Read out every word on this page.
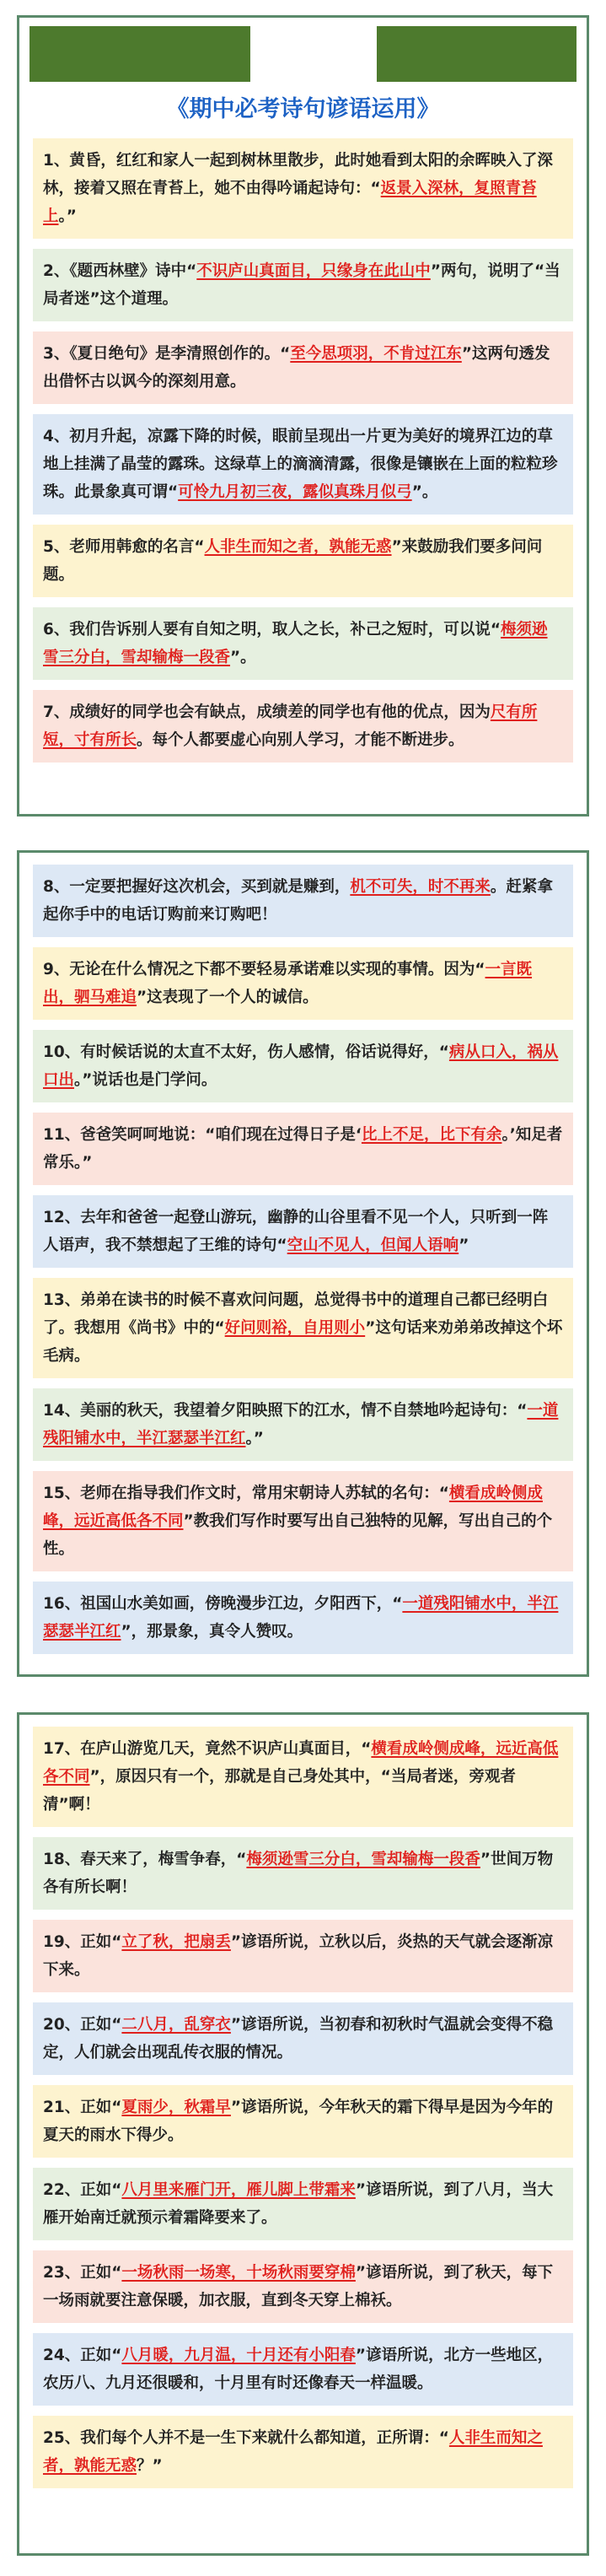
《期中必考诗句谚语运用》
1、黄昏，红红和家人一起到树林里散步，此时她看到太阳的余晖映入了深林，接着又照在青苔上，她不由得吟诵起诗句：“返景入深林，复照青苔上。”
2、《题西林壁》诗中“不识庐山真面目，只缘身在此山中”两句，说明了“当局者迷”这个道理。
3、《夏日绝句》是李清照创作的。“至今思项羽，不肯过江东”这两句透发出借怀古以讽今的深刻用意。
4、初月升起，凉露下降的时候，眼前呈现出一片更为美好的境界江边的草地上挂满了晶莹的露珠。这绿草上的滴滴清露，很像是镶嵌在上面的粒粒珍珠。此景象真可谓“可怜九月初三夜，露似真珠月似弓”。
5、老师用韩愈的名言“人非生而知之者，孰能无惑”来鼓励我们要多问问题。
6、我们告诉别人要有自知之明，取人之长，补己之短时，可以说“梅须逊雪三分白，雪却输梅一段香”。
7、成绩好的同学也会有缺点，成绩差的同学也有他的优点，因为尺有所短，寸有所长。每个人都要虚心向别人学习，才能不断进步。
8、一定要把握好这次机会，买到就是赚到，机不可失，时不再来。赶紧拿起你手中的电话订购前来订购吧！
9、无论在什么情况之下都不要轻易承诺难以实现的事情。因为“一言既出，驷马难追”这表现了一个人的诚信。
10、有时候话说的太直不太好，伤人感情，俗话说得好，“病从口入，祸从口出。”说话也是门学问。
11、爸爸笑呵呵地说：“咱们现在过得日子是‘比上不足，比下有余。’知足者常乐。”
12、去年和爸爸一起登山游玩，幽静的山谷里看不见一个人，只听到一阵人语声，我不禁想起了王维的诗句“空山不见人，但闻人语响”
13、弟弟在读书的时候不喜欢问问题，总觉得书中的道理自己都已经明白了。我想用《尚书》中的“好问则裕，自用则小”这句话来劝弟弟改掉这个坏毛病。
14、美丽的秋天，我望着夕阳映照下的江水，情不自禁地吟起诗句：“一道残阳铺水中，半江瑟瑟半江红。”
15、老师在指导我们作文时，常用宋朝诗人苏轼的名句：“横看成岭侧成峰，远近高低各不同”教我们写作时要写出自己独特的见解，写出自己的个性。
16、祖国山水美如画，傍晚漫步江边，夕阳西下，“一道残阳铺水中，半江瑟瑟半江红”，那景象，真令人赞叹。
17、在庐山游览几天，竟然不识庐山真面目，“横看成岭侧成峰，远近高低各不同”，原因只有一个，那就是自己身处其中，“当局者迷，旁观者清”啊！
18、春天来了，梅雪争春，“梅须逊雪三分白，雪却输梅一段香”世间万物各有所长啊！
19、正如“立了秋，把扇丢”谚语所说，立秋以后，炎热的天气就会逐渐凉下来。
20、正如“二八月，乱穿衣”谚语所说，当初春和初秋时气温就会变得不稳定，人们就会出现乱传衣服的情况。
21、正如“夏雨少，秋霜早”谚语所说，今年秋天的霜下得早是因为今年的夏天的雨水下得少。
22、正如“八月里来雁门开，雁儿脚上带霜来”谚语所说，到了八月，当大雁开始南迁就预示着霜降要来了。
23、正如“一场秋雨一场寒，十场秋雨要穿棉”谚语所说，到了秋天，每下一场雨就要注意保暖，加衣服，直到冬天穿上棉袄。
24、正如“八月暖，九月温，十月还有小阳春”谚语所说，北方一些地区，农历八、九月还很暖和，十月里有时还像春天一样温暖。
25、我们每个人并不是一生下来就什么都知道，正所谓：“人非生而知之者，孰能无惑？”
